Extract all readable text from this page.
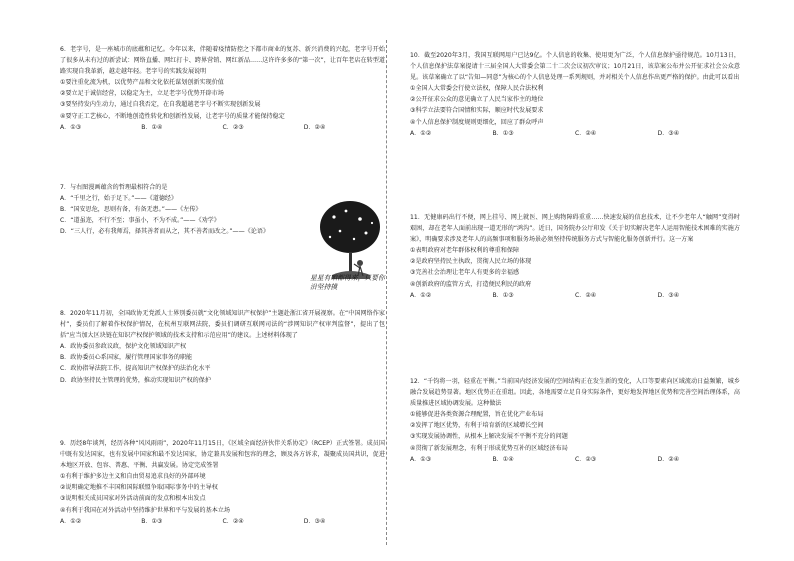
6．老字号，是一座城市的底蕴和记忆。今年以来，伴随着疫情防控之下都市商业的复苏、新兴消费的兴起，老字号开始了很多从未有过的新尝试：网络直播、网红打卡、跨界营销、网红新品……这许许多多的“第一次”，让百年老店在转型道路实现自我革新，越走越年轻。老字号的实践发展说明
①要注重化流为机，以优势产品和文化依托谋划创新实现价值
②要立足于诚信经营，以稳定为主，立足老字号优势开辟市场
③要坚持发内生动力，通过自我否定，在自我超越老字号不断实现创新发展
④要守正工艺核心，不断地创造性转化和创新性发展，让老字号的质量才能保持稳定
A．①③	B．①④	C．②③	D．②④
7．与右图漫画蕴含的哲理最相符合的是
A．“千里之行，始于足下。”——《道德经》
B．“国安思危，思则有备，有备无患。”——《左传》
C．“道虽迩，不行不至；事虽小，不为不成。”——《劝学》
D．“三人行，必有我师焉，择其善者而从之，其不善者而改之。”——《论语》
星星有咱都得来，只要你沿坚持摸
8．2020年11月初，全国政协无党派人士界别委员就“文化领域知识产权保护”主题赴浙江省开展视察。在“中国网络作家村”，委员们了解着作权保护情况，在杭州互联网法院，委员们调研互联网司法的“涉网知识产权审判监督”，提出了包括“应当加大区块链在知识产权保护领域的技术支持和示范应用”的建议。上述材料体现了
A．政协委员参政议政，保护文化领域知识产权
B．政协委员心系国家，履行管理国家事务的职能
C．政协指导法院工作，提高知识产权保护的法治化水平
D．政协坚持民主管理的优势，推动实现知识产权的保护
9．历经8年谈判，经历各种“风风雨雨”，2020年11月15日，《区域全面经济伙伴关系协定》（RCEP）正式签署。成员国中既有发达国家，也有发展中国家和最不发达国家，协定兼具发展和包容的理念，顾及各方诉求，凝聚成员国共识，促进本地区开放、包容、普惠、平衡、共赢发展。协定完成签署
①有利于维护多边主义和自由贸易追求良好的外部环境
②说明确定地推不丰国和国际联盟争取国际事务中的主导权
③说明相关成员国家对外活动前面的发点和根本出发点
④有利于我国在对外活动中坚持维护世界和平与发展的基本立场
A．①②	B．①③	C．②④	D．③④
10．截至2020年3月，我国互联网用户已达9亿。个人信息的收集、使用更为广泛，个人信息保护亟待规范。10月13日，个人信息保护法草案提请十三届全国人大常委会第二十二次会议初次审议；10月21日，该草案公布并公开征求社会公众意见。该草案确立了以“告知—同意”为核心的个人信息处理一系列规则，并对相关个人信息作出更严格的保护。由此可以看出
①全国人大常委会行使立法权，保障人民合法权利
②公开征求公众的意见确立了人民当家作主的地位
③科学立法要符合国情和实际，顺应时代发展要求
④个人信息保护制度规则更细化，回应了群众呼声
A．①②	B．①③	C．②④	D．③④
11．无健康码出行不便，网上挂号、网上就医、网上购物障碍重重……快速发展的信息技术，让不少老年人“触网”变得时艰困，却在老年人面前出现一道无形的“鸿沟”。近日，国务院办公厅印发《关于切实解决老年人运用智能技术困难的实施方案》，明确要求涉及老年人的高频事项和服务场景必须坚持传统服务方式与智能化服务创新并行。这一方案
①表明政府对老年群体权利的尊重和保障
②是政府坚持民主执政，贯彻人民立场的体现
③完善社会治理让老年人有更多的幸福感
④创新政府的监管方式，打造便民利民的政府
A．①②	B．①③	C．②④	D．③④
12．“千钧将一羽，轻重在平衡。”当前国内经济发展的空间结构正在发生新的变化，人口等要素向区域流动日益频繁，城乡融合发展趋势显著。地区优势正在重组。因此，各地需要立足自身实际条件，更好地发挥地区优势和完善空间治理体系，高质量推进区域协调发展。这种做法
①能够促进各类资源合理配置，旨在优化产业布局
②发挥了地区优势，有利于培育新的区域增长空间
③实现发展协调性，从根本上解决发展不平衡不充分的问题
④贯彻了新发展理念，有利于形成优势互补的区域经济布局
A．①③	B．①④	C．②③	D．②④
